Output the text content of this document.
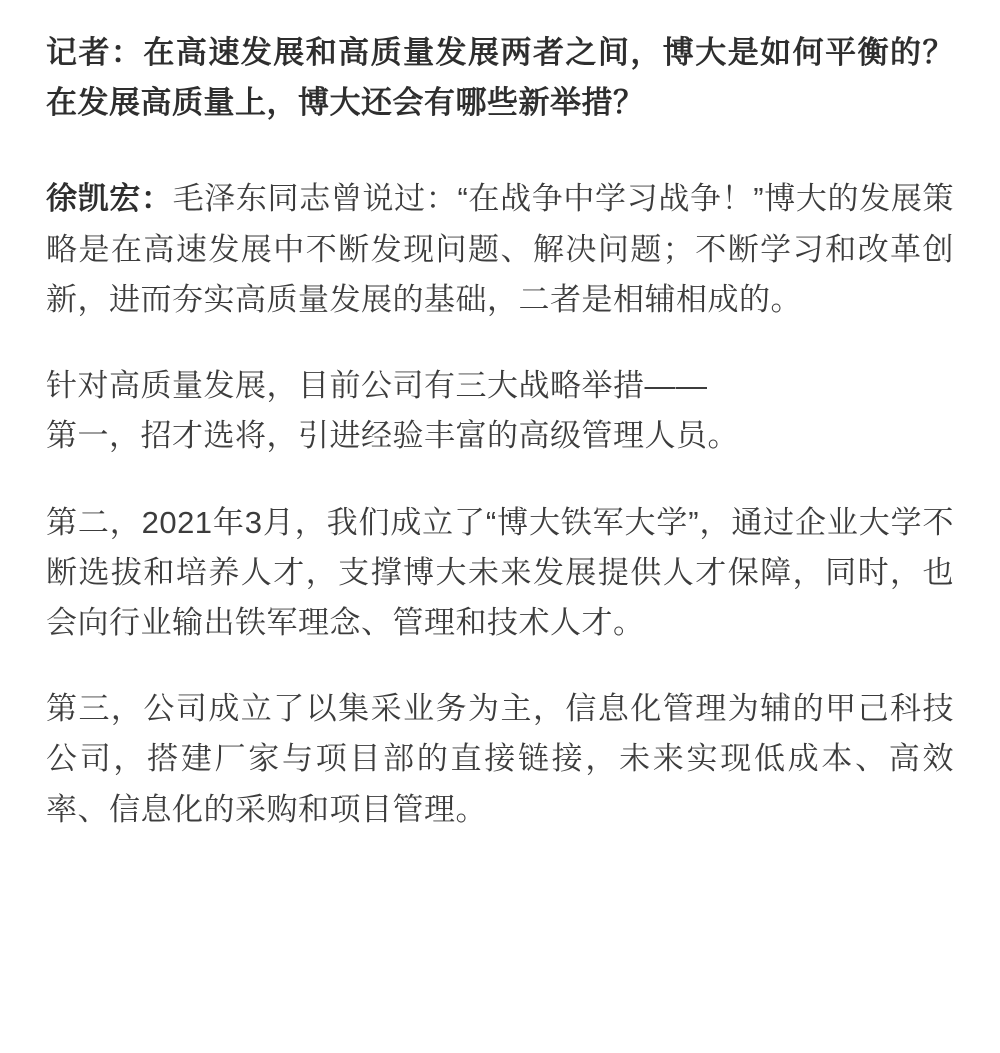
记者：在高速发展和高质量发展两者之间，博大是如何平衡的？在发展高质量上，博大还会有哪些新举措？

徐凯宏：毛泽东同志曾说过：“在战争中学习战争！”博大的发展策略是在高速发展中不断发现问题、解决问题；不断学习和改革创新，进而夯实高质量发展的基础，二者是相辅相成的。

针对高质量发展，目前公司有三大战略举措——
第一，招才选将，引进经验丰富的高级管理人员。

第二，2021年3月，我们成立了“博大铁军大学”，通过企业大学不断选拔和培养人才，支撑博大未来发展提供人才保障，同时，也会向行业输出铁军理念、管理和技术人才。

第三，公司成立了以集采业务为主，信息化管理为辅的甲己科技公司，搭建厂家与项目部的直接链接，未来实现低成本、高效率、信息化的采购和项目管理。
